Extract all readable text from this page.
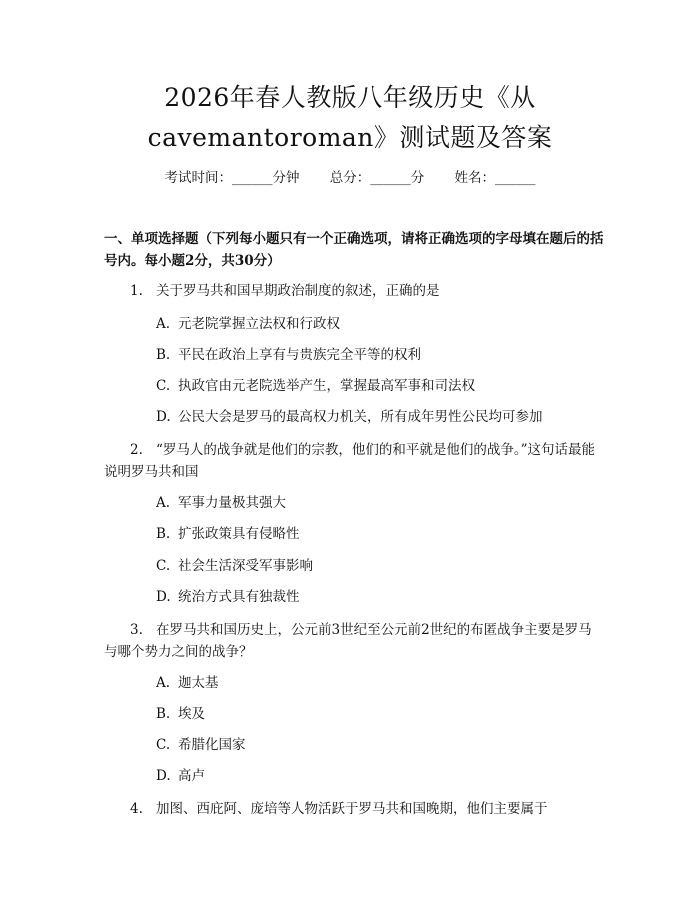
2026年春人教版八年级历史《从
cavemantoroman》测试题及答案
考试时间：______分钟 总分：______分 姓名：______
一、单项选择题（下列每小题只有一个正确选项，请将正确选项的字母填在题后的括号内。每小题2分，共30分）
1. 关于罗马共和国早期政治制度的叙述，正确的是
A. 元老院掌握立法权和行政权
B. 平民在政治上享有与贵族完全平等的权利
C. 执政官由元老院选举产生，掌握最高军事和司法权
D. 公民大会是罗马的最高权力机关，所有成年男性公民均可参加
2. “罗马人的战争就是他们的宗教，他们的和平就是他们的战争。”这句话最能说明罗马共和国
A. 军事力量极其强大
B. 扩张政策具有侵略性
C. 社会生活深受军事影响
D. 统治方式具有独裁性
3. 在罗马共和国历史上，公元前3世纪至公元前2世纪的布匿战争主要是罗马与哪个势力之间的战争？
A. 迦太基
B. 埃及
C. 希腊化国家
D. 高卢
4. 加图、西庇阿、庞培等人物活跃于罗马共和国晚期，他们主要属于
